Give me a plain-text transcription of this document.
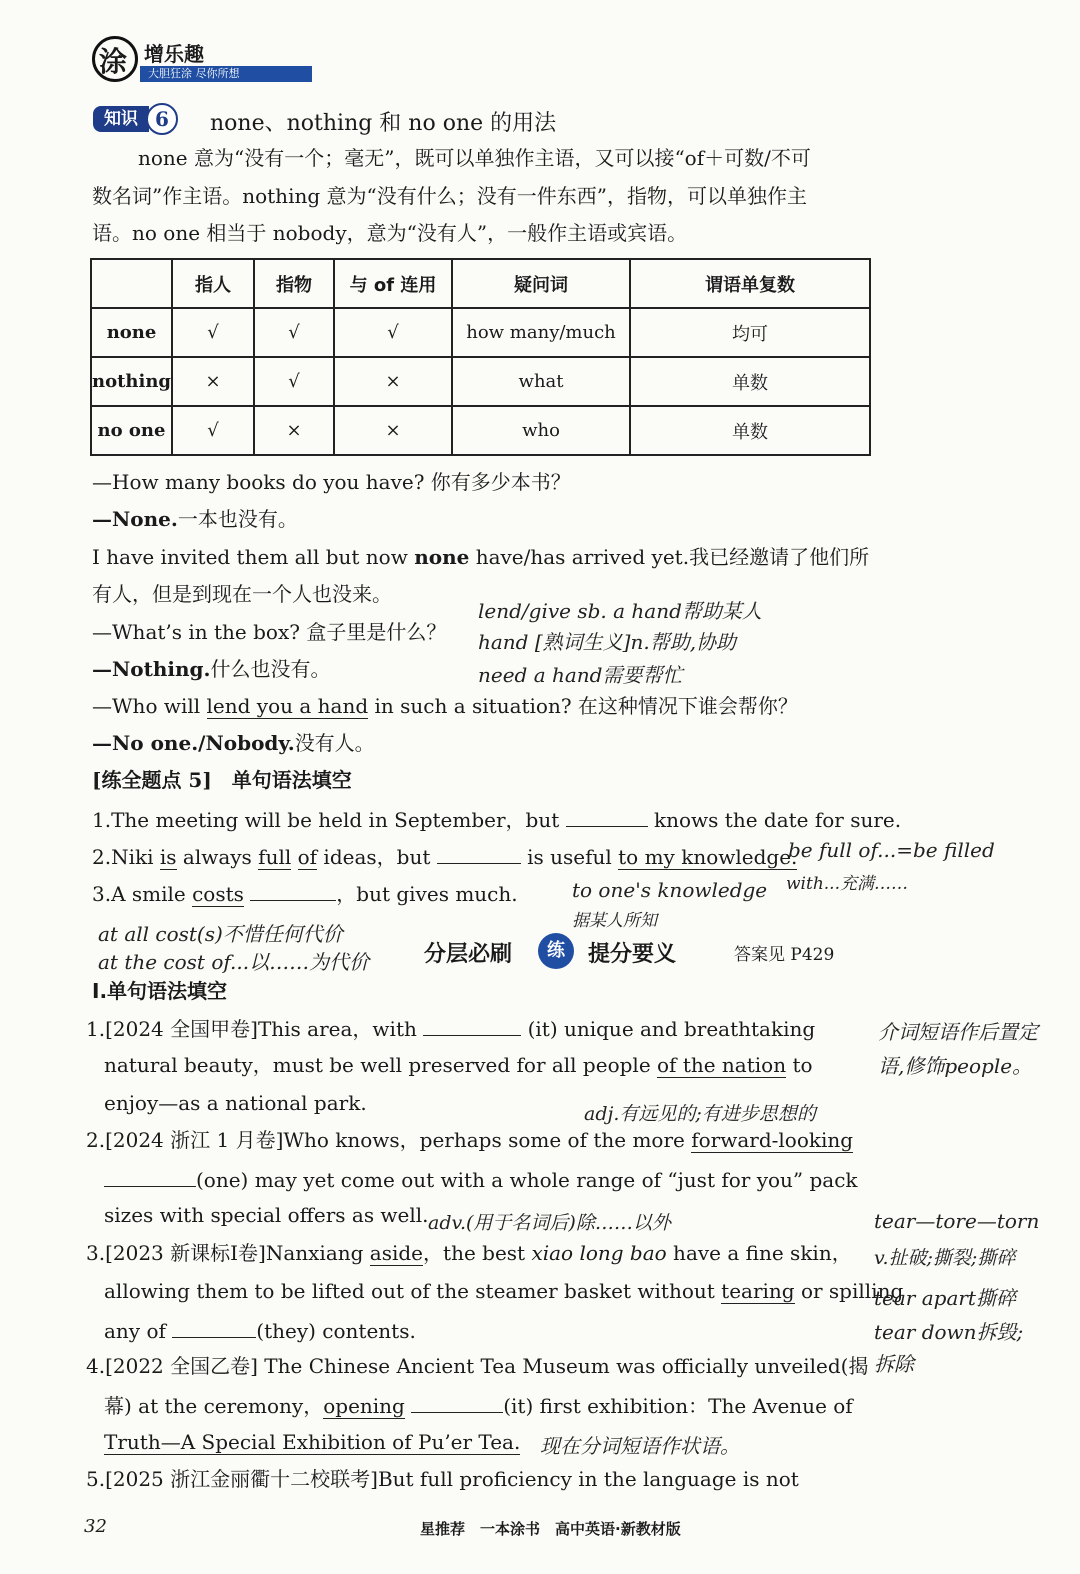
涂 增乐趣
大胆狂涂 尽你所想
知识 6	none、nothing 和 no one 的用法
none 意为“没有一个；毫无”，既可以单独作主语，又可以接“of＋可数/不可
数名词”作主语。nothing 意为“没有什么；没有一件东西”，指物，可以单独作主
语。no one 相当于 nobody，意为“没有人”，一般作主语或宾语。
	指人	指物	与 of 连用	疑问词	谓语单复数
none	√	√	√	how many/much	均可
nothing	×	√	×	what	单数
no one	√	×	×	who	单数
—How many books do you have? 你有多少本书？
—None.一本也没有。
I have invited them all but now none have/has arrived yet.我已经邀请了他们所
有人，但是到现在一个人也没来。
—What’s in the box? 盒子里是什么？
—Nothing.什么也没有。
—Who will lend you a hand in such a situation? 在这种情况下谁会帮你？
—No one./Nobody.没有人。
lend/give sb. a hand帮助某人
hand [熟词生义]n.帮助,协助
need a hand需要帮忙
[练全题点 5]　单句语法填空
1.The meeting will be held in September，but	knows the date for sure.
2.Niki is always full of ideas，but	is useful to my knowledge.
3.A smile costs	，but gives much.
be full of...=be filled
with...充满……
to one's knowledge
据某人所知
at all cost(s)不惜任何代价
at the cost of...以……为代价 分层必刷	练	提分要义	答案见 P429
Ⅰ.单句语法填空
1.[2024 全国甲卷]This area，with	(it) unique and breathtaking
natural beauty，must be well preserved for all people of the nation to
enjoy—as a national park.
介词短语作后置定
语,修饰people。
adj.有远见的;有进步思想的
2.[2024 浙江 1 月卷]Who knows，perhaps some of the more forward-looking
(one) may yet come out with a whole range of “just for you” pack
sizes with special offers as well. adv.(用于名词后)除……以外
3.[2023 新课标Ⅰ卷]Nanxiang aside，the best xiao long bao have a fine skin，
allowing them to be lifted out of the steamer basket without tearing or spilling
any of	(they) contents.
tear—tore—torn
v.扯破;撕裂;撕碎
tear apart撕碎
tear down拆毁;
拆除
4.[2022 全国乙卷] The Chinese Ancient Tea Museum was officially unveiled(揭
幕) at the ceremony，opening	(it) first exhibition：The Avenue of
Truth—A Special Exhibition of Pu’er Tea. 现在分词短语作状语。
5.[2025 浙江金丽衢十二校联考]But full proficiency in the language is not
32	星推荐　一本涂书　高中英语·新教材版
